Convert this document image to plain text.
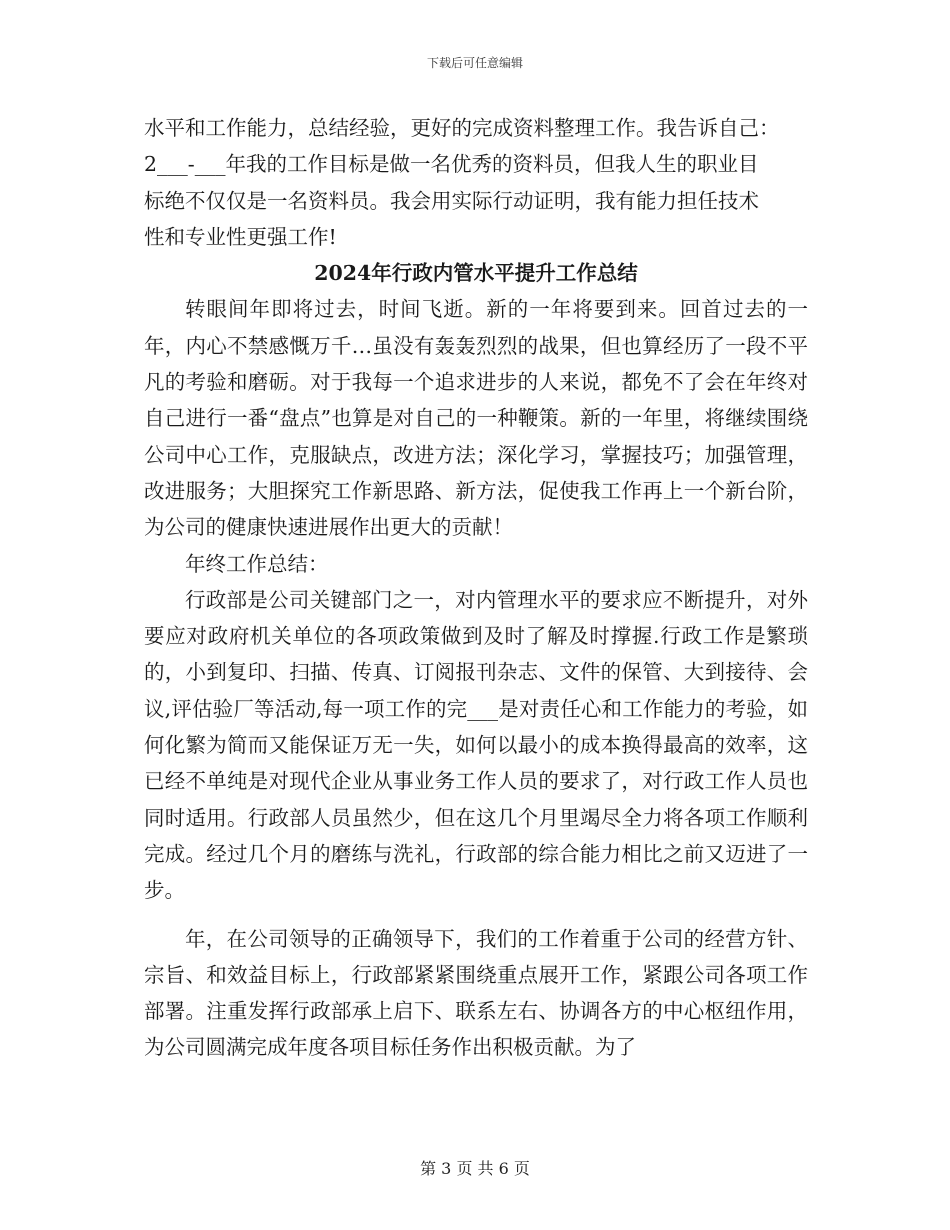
下载后可任意编辑

水平和工作能力，总结经验，更好的完成资料整理工作。我告诉自己：

2___-___年我的工作目标是做一名优秀的资料员，但我人生的职业目

标绝不仅仅是一名资料员。我会用实际行动证明，我有能力担任技术

性和专业性更强工作!

2024年行政内管水平提升工作总结

转眼间年即将过去，时间飞逝。新的一年将要到来。回首过去的一年，内心不禁感慨万千…虽没有轰轰烈烈的战果，但也算经历了一段不平凡的考验和磨砺。对于我每一个追求进步的人来说，都免不了会在年终对自己进行一番“盘点”也算是对自己的一种鞭策。新的一年里，将继续围绕公司中心工作，克服缺点，改进方法；深化学习，掌握技巧；加强管理，改进服务；大胆探究工作新思路、新方法，促使我工作再上一个新台阶，为公司的健康快速进展作出更大的贡献！

年终工作总结：

行政部是公司关键部门之一，对内管理水平的要求应不断提升，对外要应对政府机关单位的各项政策做到及时了解及时撑握.行政工作是繁琐的，小到复印、扫描、传真、订阅报刊杂志、文件的保管、大到接待、会议,评估验厂等活动,每一项工作的完___是对责任心和工作能力的考验，如何化繁为简而又能保证万无一失，如何以最小的成本换得最高的效率，这已经不单纯是对现代企业从事业务工作人员的要求了，对行政工作人员也同时适用。行政部人员虽然少，但在这几个月里竭尽全力将各项工作顺利完成。经过几个月的磨练与洗礼，行政部的综合能力相比之前又迈进了一步。

年，在公司领导的正确领导下，我们的工作着重于公司的经营方针、宗旨、和效益目标上，行政部紧紧围绕重点展开工作，紧跟公司各项工作部署。注重发挥行政部承上启下、联系左右、协调各方的中心枢纽作用，为公司圆满完成年度各项目标任务作出积极贡献。为了

第 3 页 共 6 页
